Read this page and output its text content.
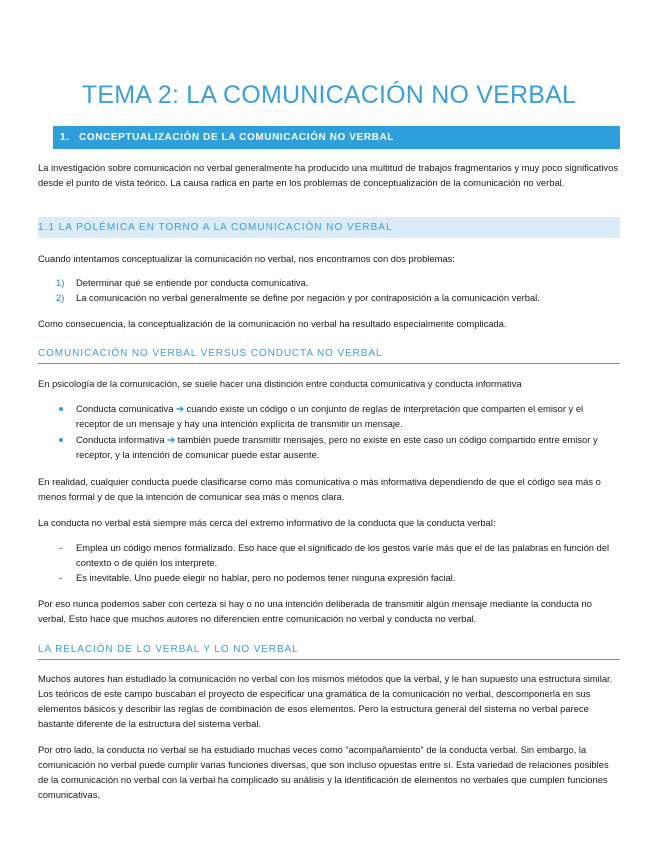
TEMA 2: LA COMUNICACIÓN NO VERBAL
1. CONCEPTUALIZACIÓN DE LA COMUNICACIÓN NO VERBAL
La investigación sobre comunicación no verbal generalmente ha producido una multitud de trabajos fragmentarios y muy poco significativos desde el punto de vista teórico. La causa radica en parte en los problemas de conceptualización de la comunicación no verbal.
1.1 LA POLÉMICA EN TORNO A LA COMUNICACIÓN NO VERBAL
Cuando intentamos conceptualizar la comunicación no verbal, nos encontramos con dos problemas:
1) Determinar qué se entiende por conducta comunicativa.
2) La comunicación no verbal generalmente se define por negación y por contraposición a la comunicación verbal.
Como consecuencia, la conceptualización de la comunicación no verbal ha resultado especialmente complicada.
COMUNICACIÓN NO VERBAL VERSUS CONDUCTA NO VERBAL
En psicología de la comunicación, se suele hacer una distinción entre conducta comunicativa y conducta informativa
Conducta comunicativa ➔ cuando existe un código o un conjunto de reglas de interpretación que comparten el emisor y el receptor de un mensaje y hay una intención explícita de transmitir un mensaje.
Conducta informativa ➔ también puede transmitir mensajes, pero no existe en este caso un código compartido entre emisor y receptor, y la intención de comunicar puede estar ausente.
En realidad, cualquier conducta puede clasificarse como más comunicativa o más informativa dependiendo de que el código sea más o menos formal y de que la intención de comunicar sea más o menos clara.
La conducta no verbal está siempre más cerca del extremo informativo de la conducta que la conducta verbal:
- Emplea un código menos formalizado. Eso hace que el significado de los gestos varíe más que el de las palabras en función del contexto o de quién los interprete.
- Es inevitable. Uno puede elegir no hablar, pero no podemos tener ninguna expresión facial.
Por eso nunca podemos saber con certeza si hay o no una intención deliberada de transmitir algún mensaje mediante la conducta no verbal, Esto hace que muchos autores no diferencien entre comunicación no verbal y conducta no verbal.
LA RELACIÓN DE LO VERBAL Y LO NO VERBAL
Muchos autores han estudiado la comunicación no verbal con los mismos métodos que la verbal, y le han supuesto una estructura similar. Los teóricos de este campo buscaban el proyecto de especificar una gramática de la comunicación no verbal, descomponerla en sus elementos básicos y describir las reglas de combinación de esos elementos. Pero la estructura general del sistema no verbal parece bastante diferente de la estructura del sistema verbal.
Por otro lado, la conducta no verbal se ha estudiado muchas veces como “acompañamiento” de la conducta verbal. Sin embargo, la comunicación no verbal puede cumplir varias funciones diversas, que son incluso opuestas entre sí. Esta variedad de relaciones posibles de la comunicación no verbal con la verbal ha complicado su análisis y la identificación de elementos no verbales que cumplen funciones comunicativas.
